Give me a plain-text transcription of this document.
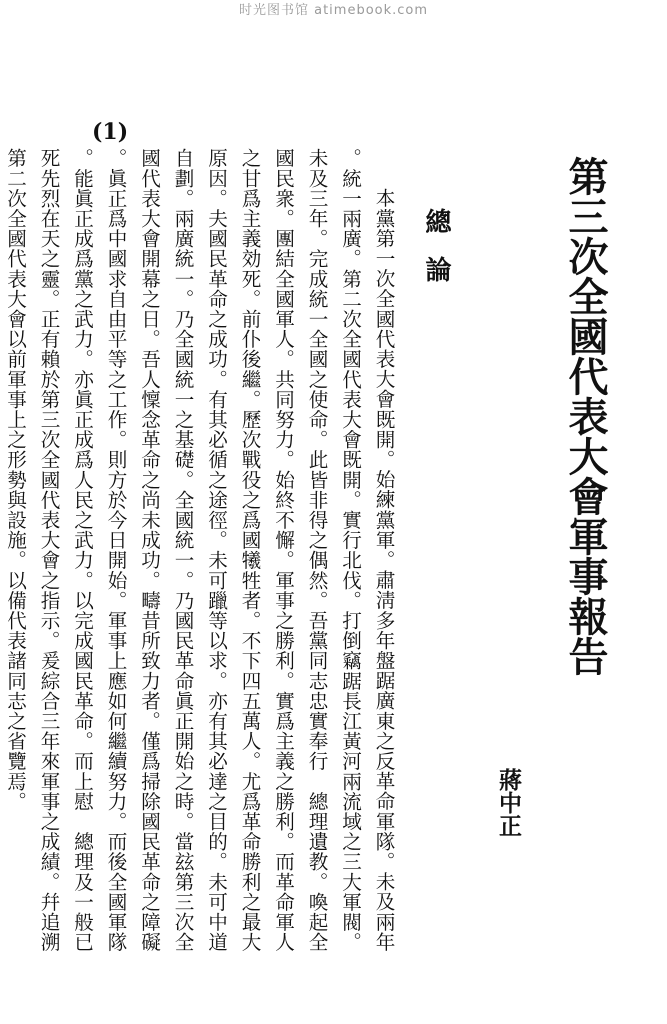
时光图书馆 atimebook.com
(1)
第三次全國代表大會軍事報告
蔣中正
總論
本黨第一次全國代表大會既開。始練黨軍。肅淸多年盤踞廣東之反革命軍隊。未及兩年
。統一兩廣。第二次全國代表大會既開。實行北伐。打倒竊踞長江黃河兩流域之三大軍閥。
未及三年。完成統一全國之使命。此皆非得之偶然。吾黨同志忠實奉行　總理遺教。喚起全
國民衆。團結全國軍人。共同努力。始終不懈。軍事之勝利。實爲主義之勝利。而革命軍人
之甘爲主義効死。前仆後繼。歷次戰役之爲國犧牲者。不下四五萬人。尤爲革命勝利之最大
原因。夫國民革命之成功。有其必循之途徑。未可躐等以求。亦有其必達之目的。未可中道
自劃。兩廣統一。乃全國統一之基礎。全國統一。乃國民革命眞正開始之時。當玆第三次全
國代表大會開幕之日。吾人懍念革命之尚未成功。疇昔所致力者。僅爲掃除國民革命之障礙
。眞正爲中國求自由平等之工作。則方於今日開始。軍事上應如何繼續努力。而後全國軍隊
。能眞正成爲黨之武力。亦眞正成爲人民之武力。以完成國民革命。而上慰　總理及一般已
死先烈在天之靈。正有賴於第三次全國代表大會之指示。爰綜合三年來軍事之成績。幷追溯
第二次全國代表大會以前軍事上之形勢與設施。以備代表諸同志之省覽焉。
